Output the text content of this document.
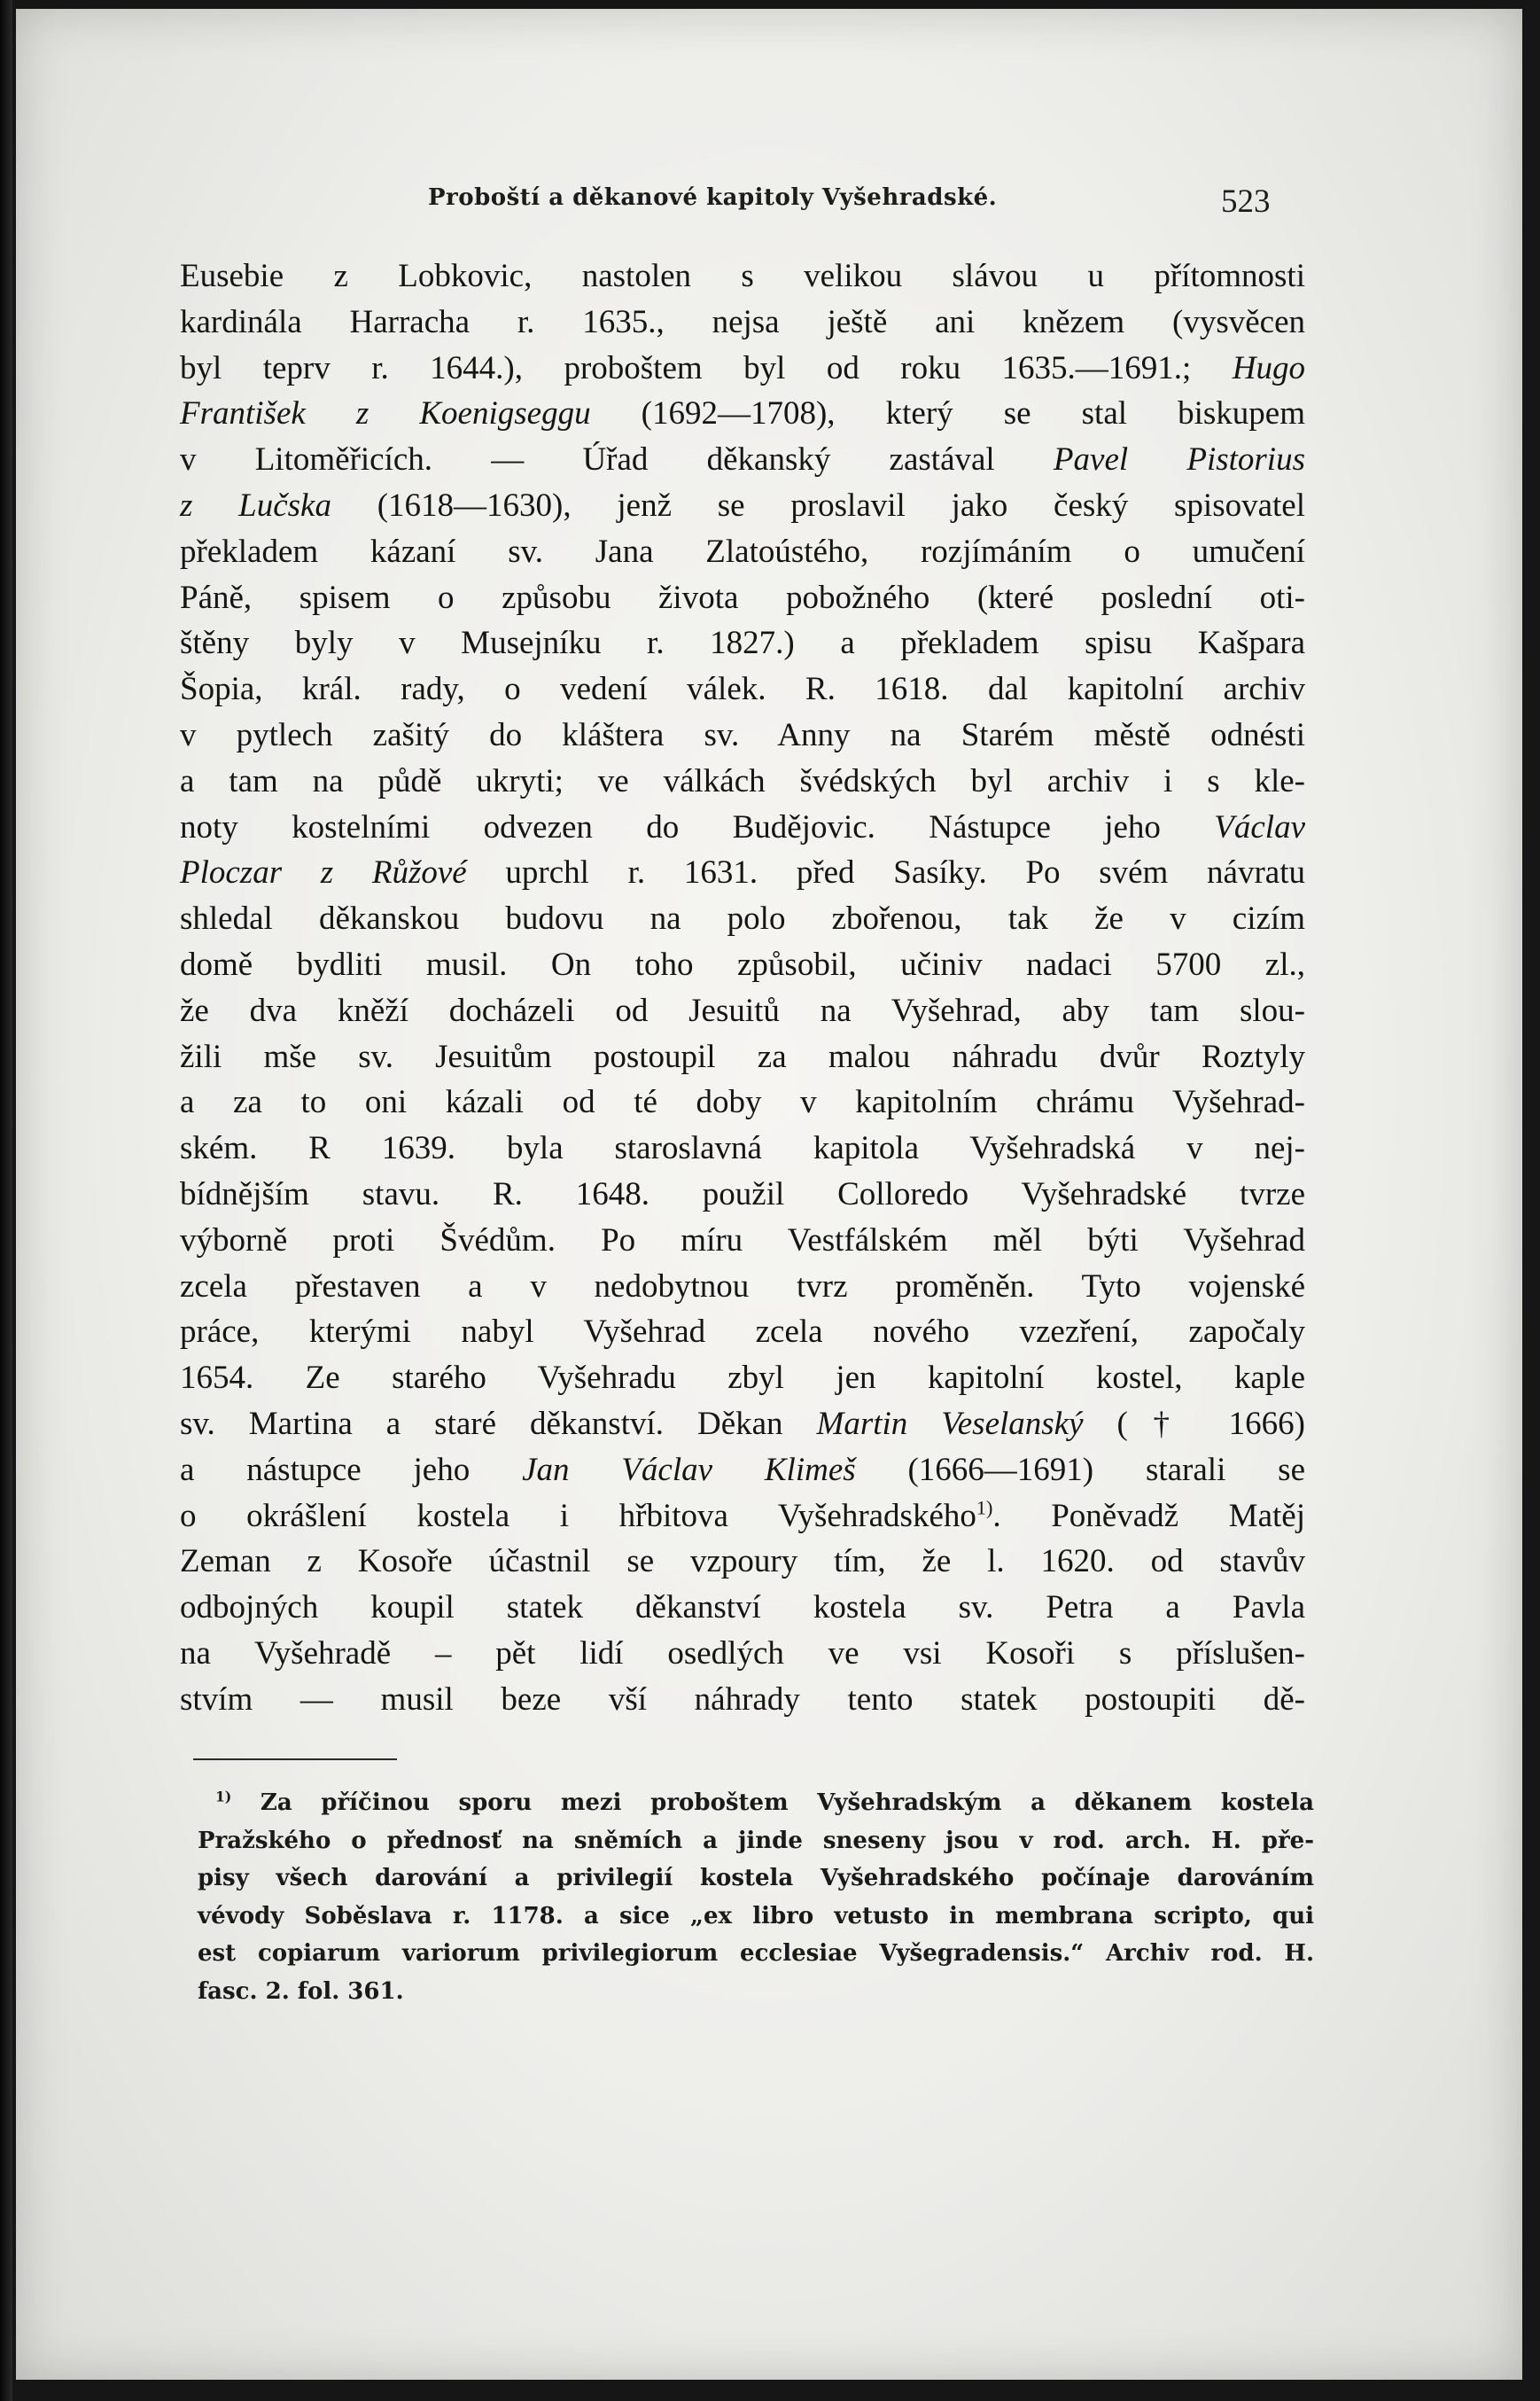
Proboští a děkanové kapitoly Vyšehradské.	523
Eusebie z Lobkovic, nastolen s velikou slávou u přítomnosti
kardinála Harracha r. 1635., nejsa ještě ani knězem (vysvěcen
byl teprv r. 1644.), proboštem byl od roku 1635.—1691.; Hugo
František z Koenigseggu (1692—1708), který se stal biskupem
v Litoměřicích. — Úřad děkanský zastával Pavel Pistorius
z Lučska (1618—1630), jenž se proslavil jako český spisovatel
překladem kázaní sv. Jana Zlatoústého, rozjímáním o umučení
Páně, spisem o způsobu života pobožného (které poslední oti-
štěny byly v Musejníku r. 1827.) a překladem spisu Kašpara
Šopia, král. rady, o vedení válek. R. 1618. dal kapitolní archiv
v pytlech zašitý do kláštera sv. Anny na Starém městě odnésti
a tam na půdě ukryti; ve válkách švédských byl archiv i s kle-
noty kostelními odvezen do Budějovic. Nástupce jeho Václav
Ploczar z Růžové uprchl r. 1631. před Sasíky. Po svém návratu
shledal děkanskou budovu na polo zbořenou, tak že v cizím
domě bydliti musil. On toho způsobil, učiniv nadaci 5700 zl.,
že dva kněží docházeli od Jesuitů na Vyšehrad, aby tam slou-
žili mše sv. Jesuitům postoupil za malou náhradu dvůr Roztyly
a za to oni kázali od té doby v kapitolním chrámu Vyšehrad-
ském. R 1639. byla staroslavná kapitola Vyšehradská v nej-
bídnějším stavu. R. 1648. použil Colloredo Vyšehradské tvrze
výborně proti Švédům. Po míru Vestfálském měl býti Vyšehrad
zcela přestaven a v nedobytnou tvrz proměněn. Tyto vojenské
práce, kterými nabyl Vyšehrad zcela nového vzezření, započaly
1654. Ze starého Vyšehradu zbyl jen kapitolní kostel, kaple
sv. Martina a staré děkanství. Děkan Martin Veselanský († 1666)
a nástupce jeho Jan Václav Klimeš (1666—1691) starali se
o okrášlení kostela i hřbitova Vyšehradského$^{1)}$. Poněvadž Matěj
Zeman z Kosoře účastnil se vzpoury tím, že l. 1620. od stavův
odbojných koupil statek děkanství kostela sv. Petra a Pavla
na Vyšehradě – pět lidí osedlých ve vsi Kosoři s příslušen-
stvím — musil beze vší náhrady tento statek postoupiti dě-
$^{1)}$ Za příčinou sporu mezi proboštem Vyšehradským a děkanem kostela
Pražského o přednosť na sněmích a jinde sneseny jsou v rod. arch. H. pře-
pisy všech darování a privilegií kostela Vyšehradského počínaje darováním
vévody Soběslava r. 1178. a sice „ex libro vetusto in membrana scripto, qui
est copiarum variorum privilegiorum ecclesiae Vyšegradensis.“ Archiv rod. H.
fasc. 2. fol. 361.
